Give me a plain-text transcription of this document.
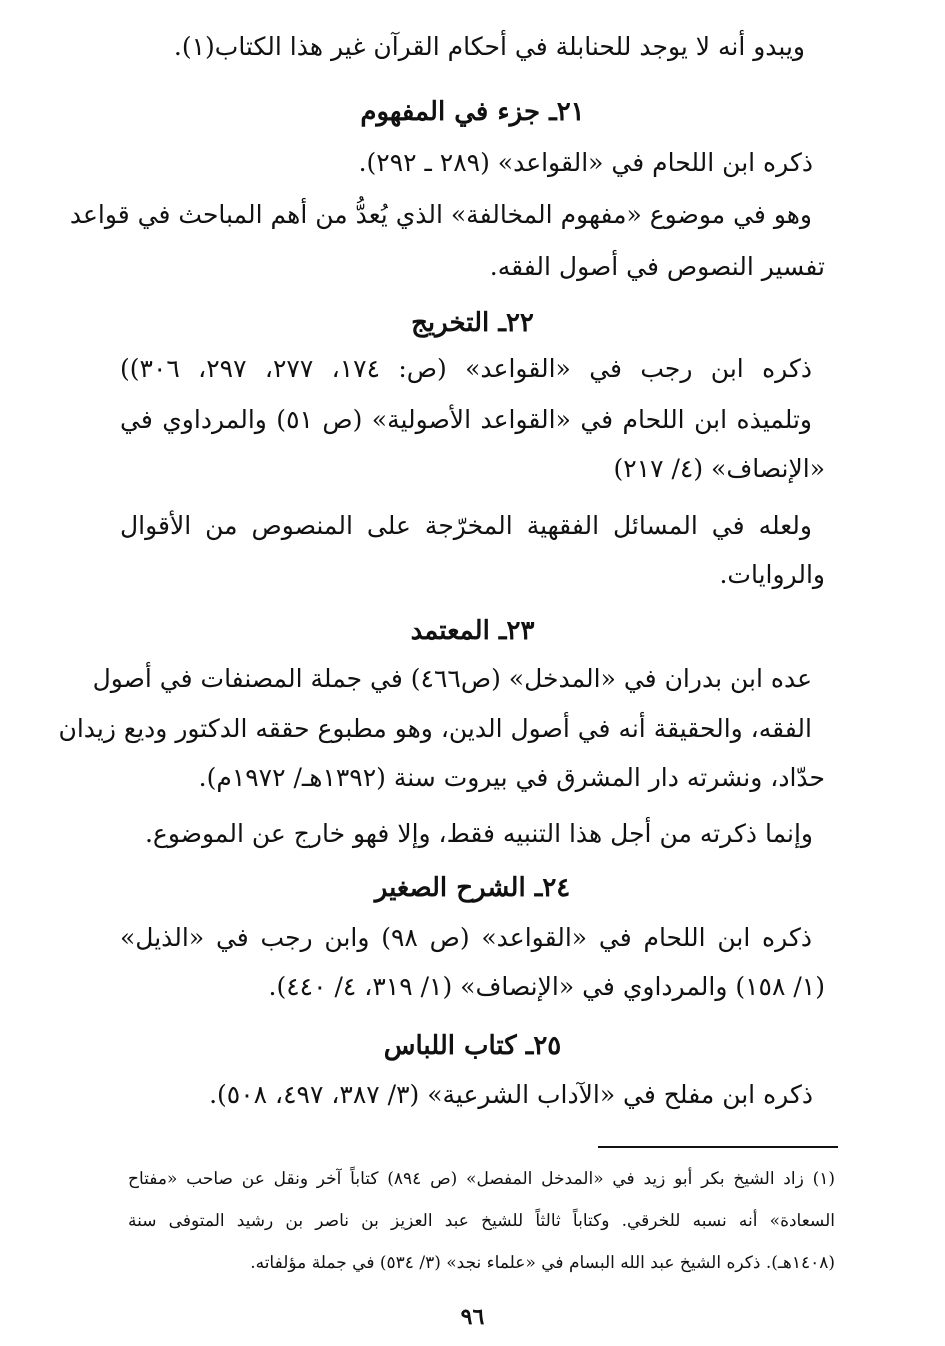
ويبدو أنه لا يوجد للحنابلة في أحكام القرآن غير هذا الكتاب(١).
٢١ـ جزء في المفهوم
ذكره ابن اللحام في «القواعد» (٢٨٩ ـ ٢٩٢).
وهو في موضوع «مفهوم المخالفة» الذي يُعدُّ من أهم المباحث في قواعد
تفسير النصوص في أصول الفقه.
٢٢ـ التخريج
ذكره ابن رجب في «القواعد» (ص: ١٧٤، ٢٧٧، ٢٩٧، ٣٠٦))
وتلميذه ابن اللحام في «القواعد الأصولية» (ص ٥١) والمرداوي في
«الإنصاف» (٤/ ٢١٧)
ولعله في المسائل الفقهية المخرّجة على المنصوص من الأقوال
والروايات.
٢٣ـ المعتمد
عده ابن بدران في «المدخل» (ص٤٦٦) في جملة المصنفات في أصول
الفقه، والحقيقة أنه في أصول الدين، وهو مطبوع حققه الدكتور وديع زيدان
حدّاد، ونشرته دار المشرق في بيروت سنة (١٣٩٢هـ/ ١٩٧٢م).
وإنما ذكرته من أجل هذا التنبيه فقط، وإلا فهو خارج عن الموضوع.
٢٤ـ الشرح الصغير
ذكره ابن اللحام في «القواعد» (ص ٩٨) وابن رجب في «الذيل»
(١/ ١٥٨) والمرداوي في «الإنصاف» (١/ ٣١٩، ٤/ ٤٤٠).
٢٥ـ كتاب اللباس
ذكره ابن مفلح في «الآداب الشرعية» (٣/ ٣٨٧، ٤٩٧، ٥٠٨).
(١) زاد الشيخ بكر أبو زيد في «المدخل المفصل» (ص ٨٩٤) كتاباً آخر ونقل عن صاحب «مفتاح
السعادة» أنه نسبه للخرقي. وكتاباً ثالثاً للشيخ عبد العزيز بن ناصر بن رشيد المتوفى سنة
(١٤٠٨هـ). ذكره الشيخ عبد الله البسام في «علماء نجد» (٣/ ٥٣٤) في جملة مؤلفاته.
٩٦
